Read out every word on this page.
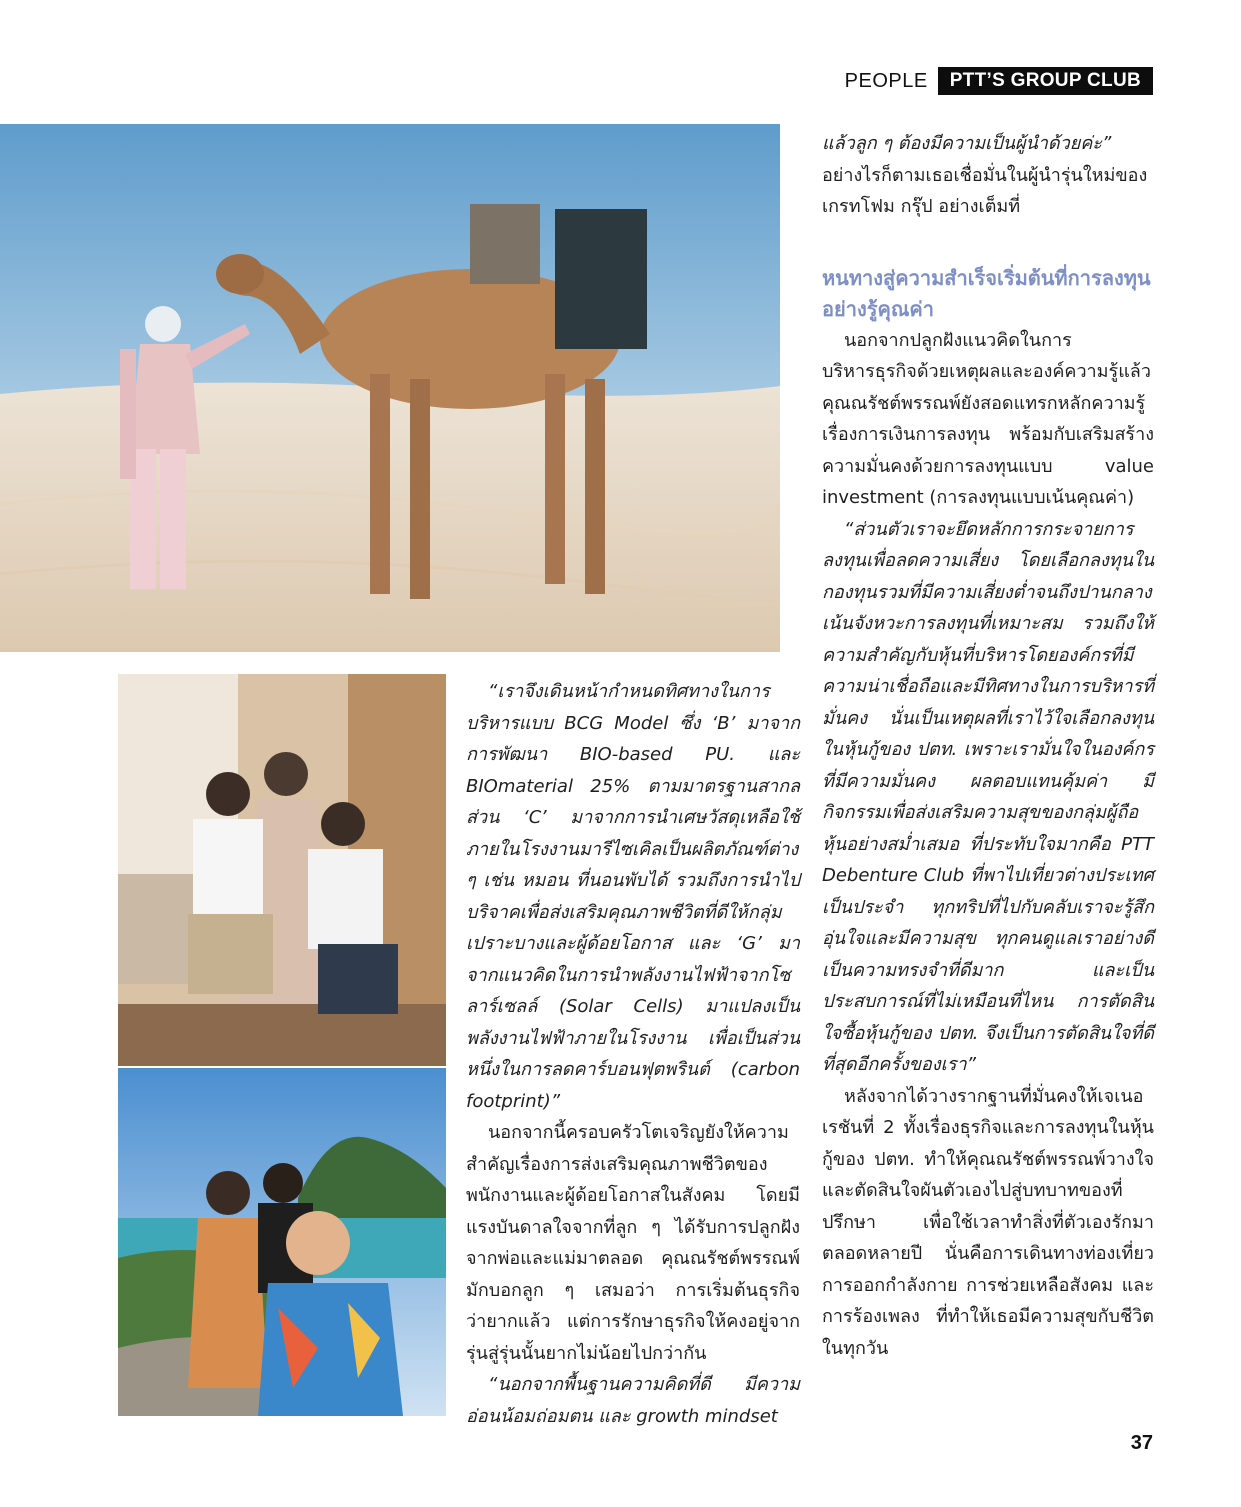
PEOPLE	PTT’S GROUP CLUB

แล้วลูก ๆ ต้องมีความเป็นผู้นำด้วยค่ะ”

อย่างไรก็ตามเธอเชื่อมั่นในผู้นำรุ่นใหม่ของเกรทโฟม กรุ๊ป อย่างเต็มที่

หนทางสู่ความสำเร็จเริ่มต้นที่การลงทุนอย่างรู้คุณค่า

นอกจากปลูกฝังแนวคิดในการบริหารธุรกิจด้วยเหตุผลและองค์ความรู้แล้ว คุณณรัชต์พรรณพ์ยังสอดแทรกหลักความรู้เรื่องการเงินการลงทุน พร้อมกับเสริมสร้างความมั่นคงด้วยการลงทุนแบบ value investment (การลงทุนแบบเน้นคุณค่า)

“ส่วนตัวเราจะยึดหลักการกระจายการลงทุนเพื่อลดความเสี่ยง โดยเลือกลงทุนในกองทุนรวมที่มีความเสี่ยงต่ำจนถึงปานกลาง เน้นจังหวะการลงทุนที่เหมาะสม รวมถึงให้ความสำคัญกับหุ้นที่บริหารโดยองค์กรที่มีความน่าเชื่อถือและมีทิศทางในการบริหารที่มั่นคง นั่นเป็นเหตุผลที่เราไว้ใจเลือกลงทุนในหุ้นกู้ของ ปตท. เพราะเรามั่นใจในองค์กรที่มีความมั่นคง ผลตอบแทนคุ้มค่า มีกิจกรรมเพื่อส่งเสริมความสุขของกลุ่มผู้ถือหุ้นอย่างสม่ำเสมอ ที่ประทับใจมากคือ PTT Debenture Club ที่พาไปเที่ยวต่างประเทศเป็นประจำ ทุกทริปที่ไปกับคลับเราจะรู้สึกอุ่นใจและมีความสุข ทุกคนดูแลเราอย่างดี เป็นความทรงจำที่ดีมาก และเป็นประสบการณ์ที่ไม่เหมือนที่ไหน การตัดสินใจซื้อหุ้นกู้ของ ปตท. จึงเป็นการตัดสินใจที่ดีที่สุดอีกครั้งของเรา”

หลังจากได้วางรากฐานที่มั่นคงให้เจเนอเรชันที่ 2 ทั้งเรื่องธุรกิจและการลงทุนในหุ้นกู้ของ ปตท. ทำให้คุณณรัชต์พรรณพ์วางใจและตัดสินใจผันตัวเองไปสู่บทบาทของที่ปรึกษา เพื่อใช้เวลาทำสิ่งที่ตัวเองรักมาตลอดหลายปี นั่นคือการเดินทางท่องเที่ยว การออกกำลังกาย การช่วยเหลือสังคม และการร้องเพลง ที่ทำให้เธอมีความสุขกับชีวิตในทุกวัน

“เราจึงเดินหน้ากำหนดทิศทางในการบริหารแบบ BCG Model ซึ่ง ‘B’ มาจากการพัฒนา BIO-based PU. และ BIOmaterial 25% ตามมาตรฐานสากล ส่วน ‘C’ มาจากการนำเศษวัสดุเหลือใช้ภายในโรงงานมารีไซเคิลเป็นผลิตภัณฑ์ต่าง ๆ เช่น หมอน ที่นอนพับได้ รวมถึงการนำไปบริจาคเพื่อส่งเสริมคุณภาพชีวิตที่ดีให้กลุ่มเปราะบางและผู้ด้อยโอกาส และ ‘G’ มาจากแนวคิดในการนำพลังงานไฟฟ้าจากโซลาร์เซลล์ (Solar Cells) มาแปลงเป็นพลังงานไฟฟ้าภายในโรงงาน เพื่อเป็นส่วนหนึ่งในการลดคาร์บอนฟุตพรินต์ (carbon footprint)”

นอกจากนี้ครอบครัวโตเจริญยังให้ความสำคัญเรื่องการส่งเสริมคุณภาพชีวิตของพนักงานและผู้ด้อยโอกาสในสังคม โดยมีแรงบันดาลใจจากที่ลูก ๆ ได้รับการปลูกฝังจากพ่อและแม่มาตลอด คุณณรัชต์พรรณพ์มักบอกลูก ๆ เสมอว่า การเริ่มต้นธุรกิจว่ายากแล้ว แต่การรักษาธุรกิจให้คงอยู่จากรุ่นสู่รุ่นนั้นยากไม่น้อยไปกว่ากัน

“นอกจากพื้นฐานความคิดที่ดี มีความอ่อนน้อมถ่อมตน และ growth mindset

37
